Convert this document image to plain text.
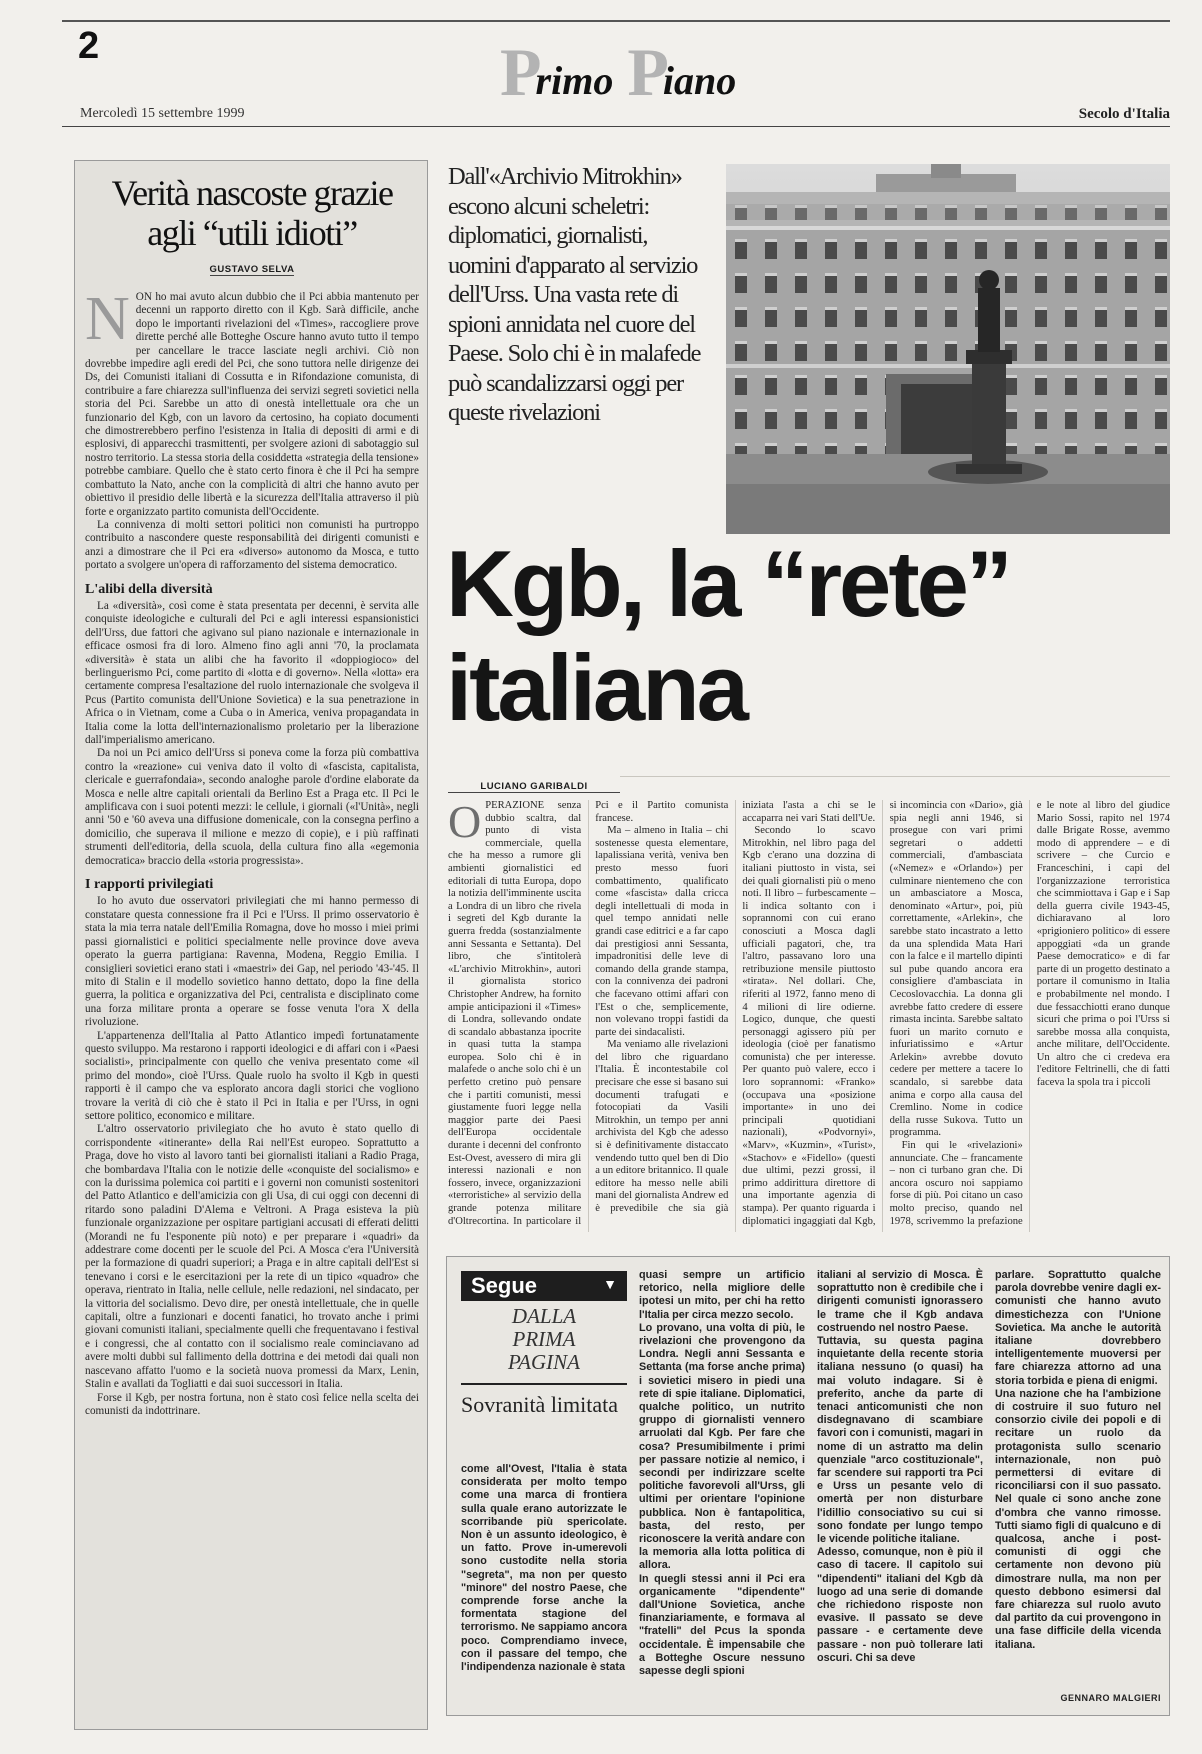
2	P
rimo P
iano
Mercoledì 15 settembre 1999	Secolo d'Italia
Verità nascoste grazie agli “utili idioti”
GUSTAVO SELVA
N ON ho mai avuto alcun dubbio che il Pci abbia mantenuto per decenni un rapporto diretto con il Kgb. Sarà difficile, anche dopo le importanti rivelazioni del «Times», raccogliere prove dirette perché alle Botteghe Oscure hanno avuto tutto il tempo per cancellare le tracce lasciate negli archivi. Ciò non dovrebbe impedire agli eredi del Pci, che sono tuttora nelle dirigenze dei Ds, dei Comunisti italiani di Cossutta e in Rifondazione comunista, di contribuire a fare chiarezza sull'influenza dei servizi segreti sovietici nella storia del Pci. Sarebbe un atto di onestà intellettuale ora che un funzionario del Kgb, con un lavoro da certosino, ha copiato documenti che dimostrerebbero perfino l'esistenza in Italia di depositi di armi e di esplosivi, di apparecchi trasmittenti, per svolgere azioni di sabotaggio sul nostro territorio. La stessa storia della cosiddetta «strategia della tensione» potrebbe cambiare. Quello che è stato certo finora è che il Pci ha sempre combattuto la Nato, anche con la complicità di altri che hanno avuto per obiettivo il presidio delle libertà e la sicurezza dell'Italia attraverso il più forte e organizzato partito comunista dell'Occidente.

La connivenza di molti settori politici non comunisti ha purtroppo contribuito a nascondere queste responsabilità dei dirigenti comunisti e anzi a dimostrare che il Pci era «diverso» autonomo da Mosca, e tutto portato a svolgere un'opera di rafforzamento del sistema democratico.

L'alibi della diversità

La «diversità», così come è stata presentata per decenni, è servita alle conquiste ideologiche e culturali del Pci e agli interessi espansionistici dell'Urss, due fattori che agivano sul piano nazionale e internazionale in efficace osmosi fra di loro. Almeno fino agli anni '70, la proclamata «diversità» è stata un alibi che ha favorito il «doppiogioco» del berlinguerismo Pci, come partito di «lotta e di governo». Nella «lotta» era certamente compresa l'esaltazione del ruolo internazionale che svolgeva il Pcus (Partito comunista dell'Unione Sovietica) e la sua penetrazione in Africa o in Vietnam, come a Cuba o in America, veniva propagandata in Italia come la lotta dell'internazionalismo proletario per la liberazione dall'imperialismo americano.

Da noi un Pci amico dell'Urss si poneva come la forza più combattiva contro la «reazione» cui veniva dato il volto di «fascista, capitalista, clericale e guerrafondaia», secondo analoghe parole d'ordine elaborate da Mosca e nelle altre capitali orientali da Berlino Est a Praga etc. Il Pci le amplificava con i suoi potenti mezzi: le cellule, i giornali («l'Unità», negli anni '50 e '60 aveva una diffusione domenicale, con la consegna perfino a domicilio, che superava il milione e mezzo di copie), e i più raffinati strumenti dell'editoria, della scuola, della cultura fino alla «egemonia democratica» braccio della «storia progressista».

I rapporti privilegiati

Io ho avuto due osservatori privilegiati che mi hanno permesso di constatare questa connessione fra il Pci e l'Urss. Il primo osservatorio è stata la mia terra natale dell'Emilia Romagna, dove ho mosso i miei primi passi giornalistici e politici specialmente nelle province dove aveva operato la guerra partigiana: Ravenna, Modena, Reggio Emilia. I consiglieri sovietici erano stati i «maestri» dei Gap, nel periodo '43-'45. Il mito di Stalin e il modello sovietico hanno dettato, dopo la fine della guerra, la politica e organizzativa del Pci, centralista e disciplinato come una forza militare pronta a operare se fosse venuta l'ora X della rivoluzione.

L'appartenenza dell'Italia al Patto Atlantico impedì fortunatamente questo sviluppo. Ma restarono i rapporti ideologici e di affari con i «Paesi socialisti», principalmente con quello che veniva presentato come «il primo del mondo», cioè l'Urss. Quale ruolo ha svolto il Kgb in questi rapporti è il campo che va esplorato ancora dagli storici che vogliono trovare la verità di ciò che è stato il Pci in Italia e per l'Urss, in ogni settore politico, economico e militare.

L'altro osservatorio privilegiato che ho avuto è stato quello di corrispondente «itinerante» della Rai nell'Est europeo. Soprattutto a Praga, dove ho visto al lavoro tanti bei giornalisti italiani a Radio Praga, che bombardava l'Italia con le notizie delle «conquiste del socialismo» e con la durissima polemica coi partiti e i governi non comunisti sostenitori del Patto Atlantico e dell'amicizia con gli Usa, di cui oggi con decenni di ritardo sono paladini D'Alema e Veltroni. A Praga esisteva la più funzionale organizzazione per ospitare partigiani accusati di efferati delitti (Morandi ne fu l'esponente più noto) e per preparare i «quadri» da addestrare come docenti per le scuole del Pci. A Mosca c'era l'Università per la formazione di quadri superiori; a Praga e in altre capitali dell'Est si tenevano i corsi e le esercitazioni per la rete di un tipico «quadro» che operava, rientrato in Italia, nelle cellule, nelle redazioni, nel sindacato, per la vittoria del socialismo. Devo dire, per onestà intellettuale, che in quelle capitali, oltre a funzionari e docenti fanatici, ho trovato anche i primi giovani comunisti italiani, specialmente quelli che frequentavano i festival e i congressi, che al contatto con il socialismo reale cominciavano ad avere molti dubbi sul fallimento della dottrina e dei metodi dai quali non nascevano affatto l'uomo e la società nuova promessi da Marx, Lenin, Stalin e avallati da Togliatti e dai suoi successori in Italia.

Forse il Kgb, per nostra fortuna, non è stato così felice nella scelta dei comunisti da indottrinare.

Dall'«Archivio Mitrokhin» escono alcuni scheletri: diplomatici, giornalisti, uomini d'apparato al servizio dell'Urss. Una vasta rete di spioni annidata nel cuore del Paese. Solo chi è in malafede può scandalizzarsi oggi per queste rivelazioni
Kgb, la “rete”
italiana
LUCIANO GARIBALDI
O PERAZIONE senza dubbio scaltra, dal punto di vista commerciale, quella che ha messo a rumore gli ambienti giornalistici ed editoriali di tutta Europa, dopo la notizia dell'imminente uscita a Londra di un libro che rivela i segreti del Kgb durante la guerra fredda (sostanzialmente anni Sessanta e Settanta). Del libro, che s'intitolerà «L'archivio Mitrokhin», autori il giornalista storico Christopher Andrew, ha fornito ampie anticipazioni il «Times» di Londra, sollevando ondate di scandalo abbastanza ipocrite in quasi tutta la stampa europea. Solo chi è in malafede o anche solo chi è un perfetto cretino può pensare che i partiti comunisti, messi giustamente fuori legge nella maggior parte dei Paesi dell'Europa occidentale durante i decenni del confronto Est-Ovest, avessero di mira gli interessi nazionali e non fossero, invece, organizzazioni «terroristiche» al servizio della grande potenza militare d'Oltrecortina. In particolare il Pci e il Partito comunista francese.

Ma – almeno in Italia – chi sostenesse questa elementare, lapalissiana verità, veniva ben presto messo fuori combattimento, qualificato come «fascista» dalla cricca degli intellettuali di moda in quel tempo annidati nelle grandi case editrici e a far capo dai prestigiosi anni Sessanta, impadronitisi delle leve di comando della grande stampa, con la connivenza dei padroni che facevano ottimi affari con l'Est o che, semplicemente, non volevano troppi fastidi da parte dei sindacalisti.

Ma veniamo alle rivelazioni del libro che riguardano l'Italia. È incontestabile col precisare che esse si basano sui documenti trafugati e fotocopiati da Vasili Mitrokhin, un tempo per anni archivista del Kgb che adesso si è definitivamente distaccato vendendo tutto quel ben di Dio a un editore britannico. Il quale editore ha messo nelle abili mani del giornalista Andrew ed è prevedibile che sia già iniziata l'asta a chi se le accaparra nei vari Stati dell'Ue.

Secondo lo scavo Mitrokhin, nel libro paga del Kgb c'erano una dozzina di italiani piuttosto in vista, sei dei quali giornalisti più o meno noti. Il libro – furbescamente – li indica soltanto con i soprannomi con cui erano conosciuti a Mosca dagli ufficiali pagatori, che, tra l'altro, passavano loro una retribuzione mensile piuttosto «tirata». Nel dollari. Che, riferiti al 1972, fanno meno di 4 milioni di lire odierne. Logico, dunque, che questi personaggi agissero più per ideologia (cioè per fanatismo comunista) che per interesse. Per quanto può valere, ecco i loro soprannomi: «Franko» (occupava una «posizione importante» in uno dei principali quotidiani nazionali), «Podvornyi», «Marv», «Kuzmin», «Turist», «Stachov» e «Fidello» (questi due ultimi, pezzi grossi, il primo addirittura direttore di una importante agenzia di stampa). Per quanto riguarda i diplomatici ingaggiati dal Kgb, si incomincia con «Dario», già spia negli anni 1946, si prosegue con vari primi segretari o addetti commerciali, d'ambasciata («Nemez» e «Orlando») per culminare nientemeno che con un ambasciatore a Mosca, denominato «Artur», poi, più correttamente, «Arlekin», che sarebbe stato incastrato a letto da una splendida Mata Hari con la falce e il martello dipinti sul pube quando ancora era consigliere d'ambasciata in Cecoslovacchia. La donna gli avrebbe fatto credere di essere rimasta incinta. Sarebbe saltato fuori un marito cornuto e infuriatissimo e «Artur Arlekin» avrebbe dovuto cedere per mettere a tacere lo scandalo, si sarebbe data anima e corpo alla causa del Cremlino. Nome in codice della russe Sukova. Tutto un programma.

Fin qui le «rivelazioni» annunciate. Che – francamente – non ci turbano gran che. Di ancora oscuro noi sappiamo forse di più. Poi citano un caso molto preciso, quando nel 1978, scrivemmo la prefazione e le note al libro del giudice Mario Sossi, rapito nel 1974 dalle Brigate Rosse, avemmo modo di apprendere – e di scrivere – che Curcio e Franceschini, i capi del l'organizzazione terroristica che scimmiottava i Gap e i Sap della guerra civile 1943-45, dichiaravano al loro «prigioniero politico» di essere appoggiati «da un grande Paese democratico» e di far parte di un progetto destinato a portare il comunismo in Italia e probabilmente nel mondo. I due fessacchiotti erano dunque sicuri che prima o poi l'Urss si sarebbe mossa alla conquista, anche militare, dell'Occidente. Un altro che ci credeva era l'editore Feltrinelli, che di fatti faceva la spola tra i piccoli

Segue	▼
DALLA
PRIMA
PAGINA
Sovranità limitata
come all'Ovest, l'Italia è stata considerata per molto tempo come una marca di frontiera sulla quale erano autorizzate le scorribande più spericolate. Non è un assunto ideologico, è un fatto. Prove in-umerevoli sono custodite nella storia "segreta", ma non per questo "minore" del nostro Paese, che comprende forse anche la formentata stagione del terrorismo. Ne sappiamo ancora poco. Comprendiamo invece, con il passare del tempo, che l'indipendenza nazionale è stata
quasi sempre un artificio retorico, nella migliore delle ipotesi un mito, per chi ha retto l'Italia per circa mezzo secolo.
Lo provano, una volta di più, le rivelazioni che provengono da Londra. Negli anni Sessanta e Settanta (ma forse anche prima) i sovietici misero in piedi una rete di spie italiane. Diplomatici, qualche politico, un nutrito gruppo di giornalisti vennero arruolati dal Kgb. Per fare che cosa? Presumibilmente i primi per passare notizie al nemico, i secondi per indirizzare scelte politiche favorevoli all'Urss, gli ultimi per orientare l'opinione pubblica. Non è fantapolitica, basta, del resto, per riconoscere la verità andare con la memoria alla lotta politica di allora.
In quegli stessi anni il Pci era organicamente "dipendente" dall'Unione Sovietica, anche finanziariamente, e formava al "fratelli" del Pcus la sponda occidentale. È impensabile che a Botteghe Oscure nessuno sapesse degli spioni
italiani al servizio di Mosca. È soprattutto non è credibile che i dirigenti comunisti ignorassero le trame che il Kgb andava costruendo nel nostro Paese.
Tuttavia, su questa pagina inquietante della recente storia italiana nessuno (o quasi) ha mai voluto indagare. Si è preferito, anche da parte di tenaci anticomunisti che non disdegnavano di scambiare favori con i comunisti, magari in nome di un astratto ma delin quenziale "arco costituzionale", far scendere sui rapporti tra Pci e Urss un pesante velo di omertà per non disturbare l'idillio consociativo su cui si sono fondate per lungo tempo le vicende politiche italiane.
Adesso, comunque, non è più il caso di tacere. Il capitolo sui "dipendenti" italiani del Kgb dà luogo ad una serie di domande che richiedono risposte non evasive. Il passato se deve passare - e certamente deve passare - non può tollerare lati oscuri. Chi sa deve
parlare. Soprattutto qualche parola dovrebbe venire dagli ex-comunisti che hanno avuto dimestichezza con l'Unione Sovietica. Ma anche le autorità italiane dovrebbero intelligentemente muoversi per fare chiarezza attorno ad una storia torbida e piena di enigmi.
Una nazione che ha l'ambizione di costruire il suo futuro nel consorzio civile dei popoli e di recitare un ruolo da protagonista sullo scenario internazionale, non può permettersi di evitare di riconciliarsi con il suo passato. Nel quale ci sono anche zone d'ombra che vanno rimosse. Tutti siamo figli di qualcuno e di qualcosa, anche i post-comunisti di oggi che certamente non devono più dimostrare nulla, ma non per questo debbono esimersi dal fare chiarezza sul ruolo avuto dal partito da cui provengono in una fase difficile della vicenda italiana.
GENNARO MALGIERI
